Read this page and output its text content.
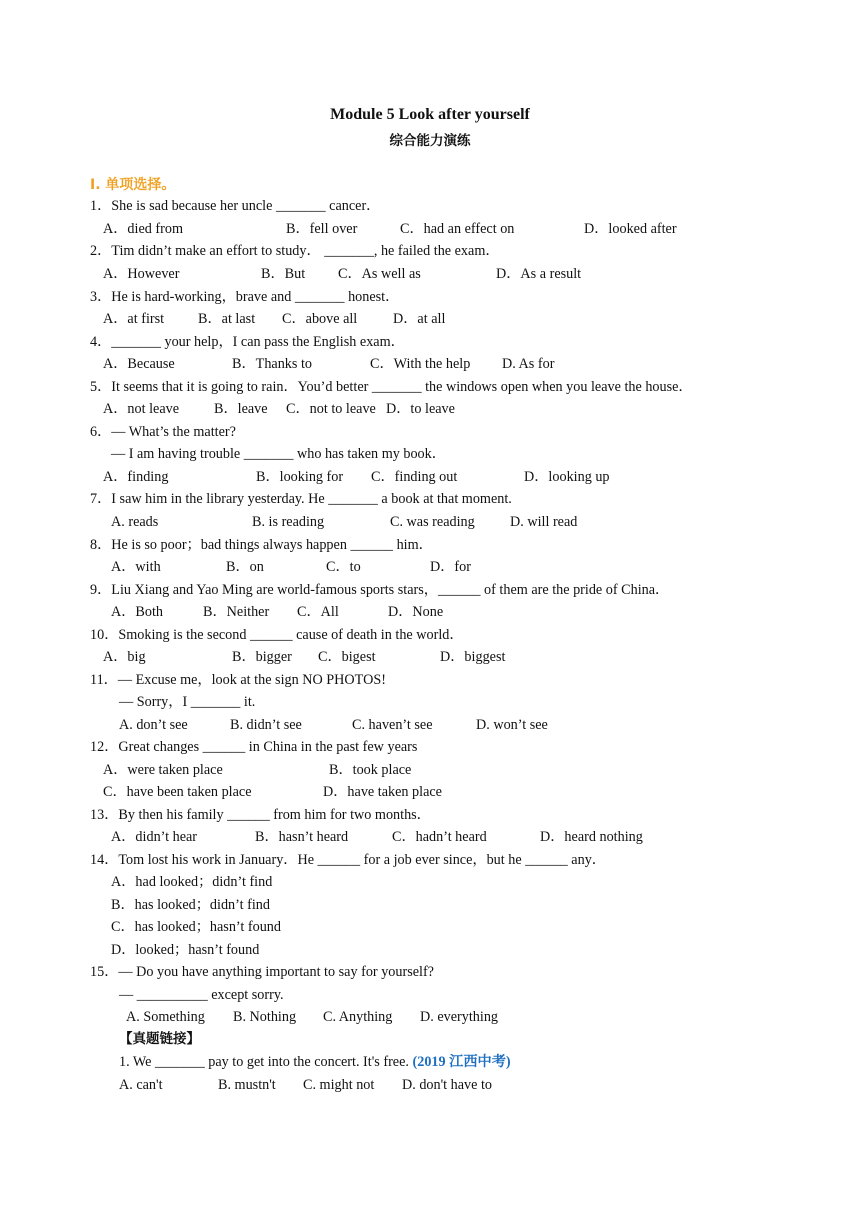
Module 5 Look after yourself
综合能力演练
I. 单项选择。
1．She is sad because her uncle _______ cancer．
A．died from	B．fell over	C．had an effect on	D．looked after
2．Tim didn’t make an effort to study． _______, he failed the exam．
A．However	B．But C．As well as	D．As a result
3．He is hard-working，brave and _______ honest．
A．at first B．at last C．above all	D．at all
4．_______ your help，I can pass the English exam．
A．Because	B．Thanks to	C．With the help D. As for
5．It seems that it is going to rain．You’d better _______ the windows open when you leave the house．
A．not leave B．leave C．not to leave D．to leave
6．— What’s the matter?
— I am having trouble _______ who has taken my book．
A．finding	B．looking for C．finding out	D．looking up
7．I saw him in the library yesterday. He _______ a book at that moment.
A. reads	B. is reading	C. was reading D. will read
8．He is so poor；bad things always happen ______ him．
A．with	B．on	C．to	D．for
9．Liu Xiang and Yao Ming are world-famous sports stars，______ of them are the pride of China．
A．Both	B．Neither C．All	D．None
10．Smoking is the second ______ cause of death in the world．
A．big	B．bigger C．bigest	D．biggest
11．— Excuse me，look at the sign NO PHOTOS!
— Sorry，I _______ it.
A. don’t see	B. didn’t see	C. haven’t see	D. won’t see
12．Great changes ______ in China in the past few years
A．were taken place	B．took place
C．have been taken place	D．have taken place
13．By then his family ______ from him for two months．
A．didn’t hear	B．hasn’t heard	C．hadn’t heard	D．heard nothing
14．Tom lost his work in January．He ______ for a job ever since，but he ______ any．
A．had looked；didn’t find
B．has looked；didn’t find
C．has looked；hasn’t found
D．looked；hasn’t found
15．— Do you have anything important to say for yourself?
— __________ except sorry.
A. Something B. Nothing C. Anything D. everything
【真题链接】
1. We _______ pay to get into the concert. It's free. (2019 江西中考)
A. can't	B. mustn't C. might not D. don't have to
